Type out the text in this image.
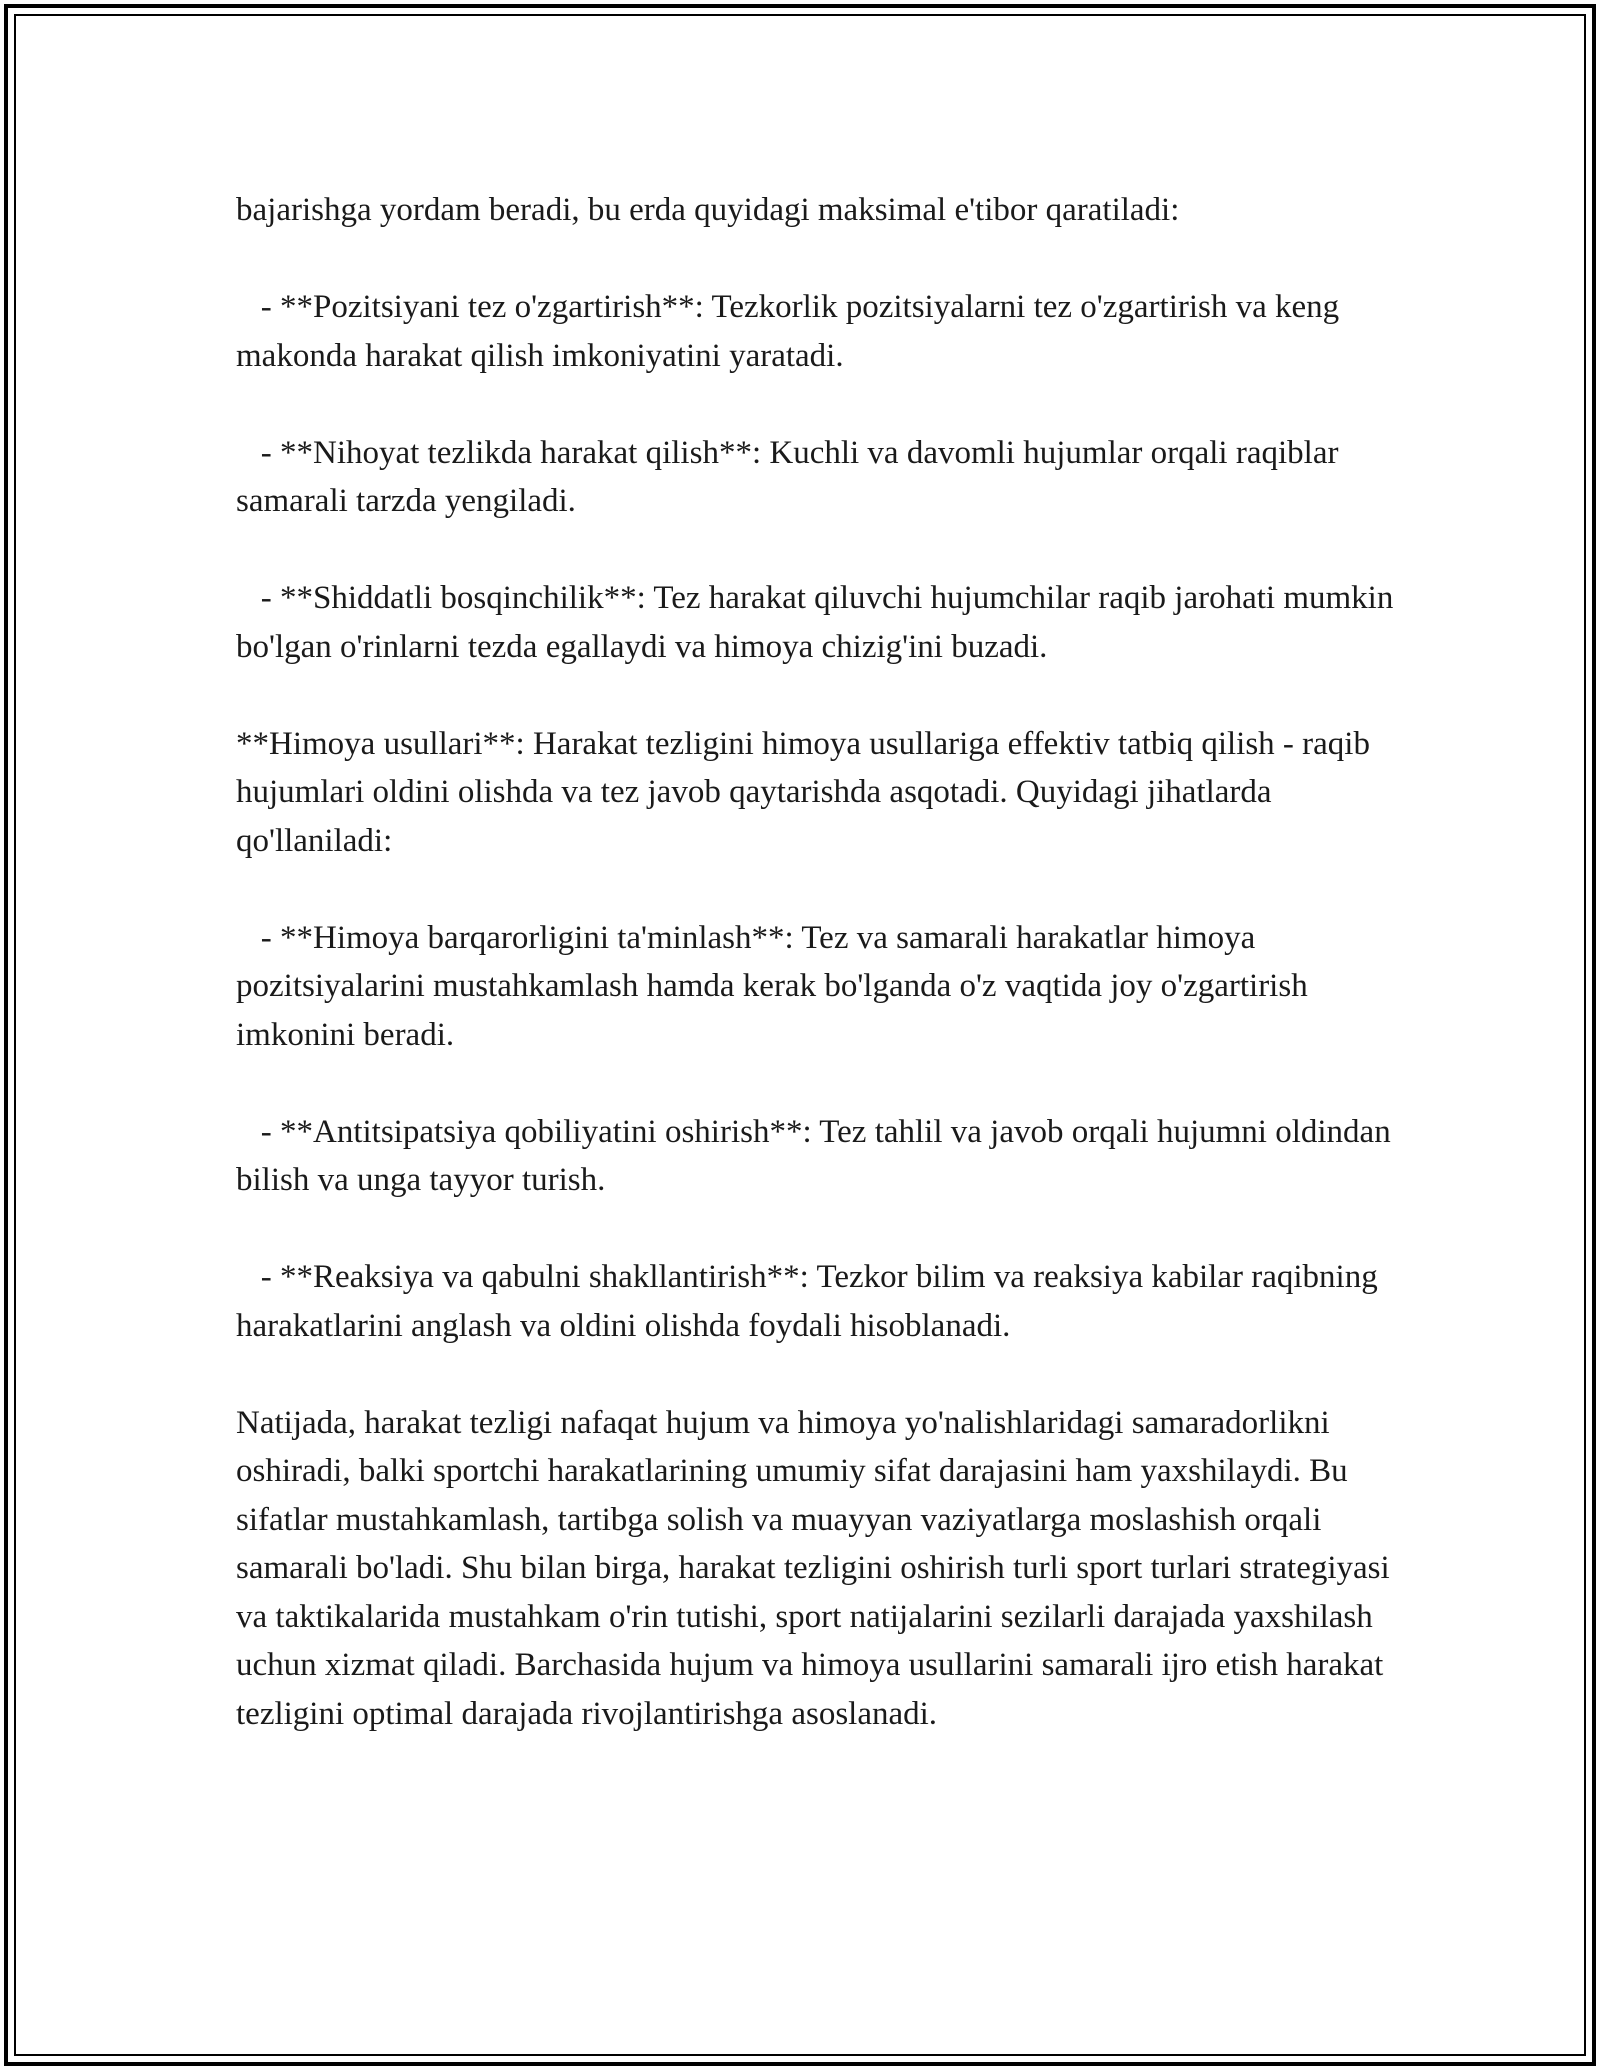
bajarishga yordam beradi, bu erda quyidagi maksimal e'tibor qaratiladi:

- **Pozitsiyani tez o'zgartirish**: Tezkorlik pozitsiyalarni tez o'zgartirish va keng makonda harakat qilish imkoniyatini yaratadi.

- **Nihoyat tezlikda harakat qilish**: Kuchli va davomli hujumlar orqali raqiblar samarali tarzda yengiladi.

- **Shiddatli bosqinchilik**: Tez harakat qiluvchi hujumchilar raqib jarohati mumkin bo'lgan o'rinlarni tezda egallaydi va himoya chizig'ini buzadi.

**Himoya usullari**: Harakat tezligini himoya usullariga effektiv tatbiq qilish - raqib hujumlari oldini olishda va tez javob qaytarishda asqotadi. Quyidagi jihatlarda qo'llaniladi:

- **Himoya barqarorligini ta'minlash**: Tez va samarali harakatlar himoya pozitsiyalarini mustahkamlash hamda kerak bo'lganda o'z vaqtida joy o'zgartirish imkonini beradi.

- **Antitsipatsiya qobiliyatini oshirish**: Tez tahlil va javob orqali hujumni oldindan bilish va unga tayyor turish.

- **Reaksiya va qabulni shakllantirish**: Tezkor bilim va reaksiya kabilar raqibning harakatlarini anglash va oldini olishda foydali hisoblanadi.

Natijada, harakat tezligi nafaqat hujum va himoya yo'nalishlaridagi samaradorlikni oshiradi, balki sportchi harakatlarining umumiy sifat darajasini ham yaxshilaydi. Bu sifatlar mustahkamlash, tartibga solish va muayyan vaziyatlarga moslashish orqali samarali bo'ladi. Shu bilan birga, harakat tezligini oshirish turli sport turlari strategiyasi va taktikalarida mustahkam o'rin tutishi, sport natijalarini sezilarli darajada yaxshilash uchun xizmat qiladi. Barchasida hujum va himoya usullarini samarali ijro etish harakat tezligini optimal darajada rivojlantirishga asoslanadi.
